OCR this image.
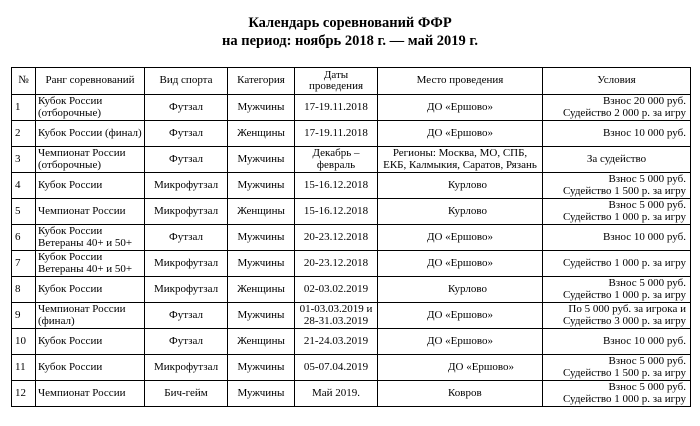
Календарь соревнований ФФР
на период: ноябрь 2018 г. — май 2019 г.
№	Ранг соревнований	Вид спорта	Категория	Даты проведения	Место проведения	Условия
1	Кубок России (отборочные)	Футзал	Мужчины	17-19.11.2018	ДО «Ершово»	Взнос 20 000 руб.
Судейство 2 000 р. за игру

2	Кубок России (финал)	Футзал	Женщины	17-19.11.2018	ДО «Ершово»	Взнос 10 000 руб.

3	Чемпионат России (отборочные)	Футзал	Мужчины	Декабрь – февраль	Регионы: Москва, МО, СПБ, ЕКБ, Калмыкия, Саратов, Рязань	За судейство

4	Кубок России	Микрофутзал	Мужчины	15-16.12.2018	Курлово	Взнос 5 000 руб.
Судейство 1 500 р. за игру

5	Чемпионат России	Микрофутзал	Женщины	15-16.12.2018	Курлово	Взнос 5 000 руб.
Судейство 1 000 р. за игру

6	Кубок России Ветераны 40+ и 50+	Футзал	Мужчины	20-23.12.2018	ДО «Ершово»	Взнос 10 000 руб.

7	Кубок России Ветераны 40+ и 50+	Микрофутзал	Мужчины	20-23.12.2018	ДО «Ершово»	Судейство 1 000 р. за игру

8	Кубок России	Микрофутзал	Женщины	02-03.02.2019	Курлово	Взнос 5 000 руб.
Судейство 1 000 р. за игру

9	Чемпионат России (финал)	Футзал	Мужчины	01-03.03.2019 и 28-31.03.2019	ДО «Ершово»	По 5 000 руб. за игрока и
Судейство 3 000 р. за игру

10	Кубок России	Футзал	Женщины	21-24.03.2019	ДО «Ершово»	Взнос 10 000 руб.

11	Кубок России	Микрофутзал	Мужчины	05-07.04.2019	ДО «Ершово»	Взнос 5 000 руб.
Судейство 1 500 р. за игру

12	Чемпионат России	Бич-гейм	Мужчины	Май 2019.	Ковров	Взнос 5 000 руб.
Судейство 1 000 р. за игру
